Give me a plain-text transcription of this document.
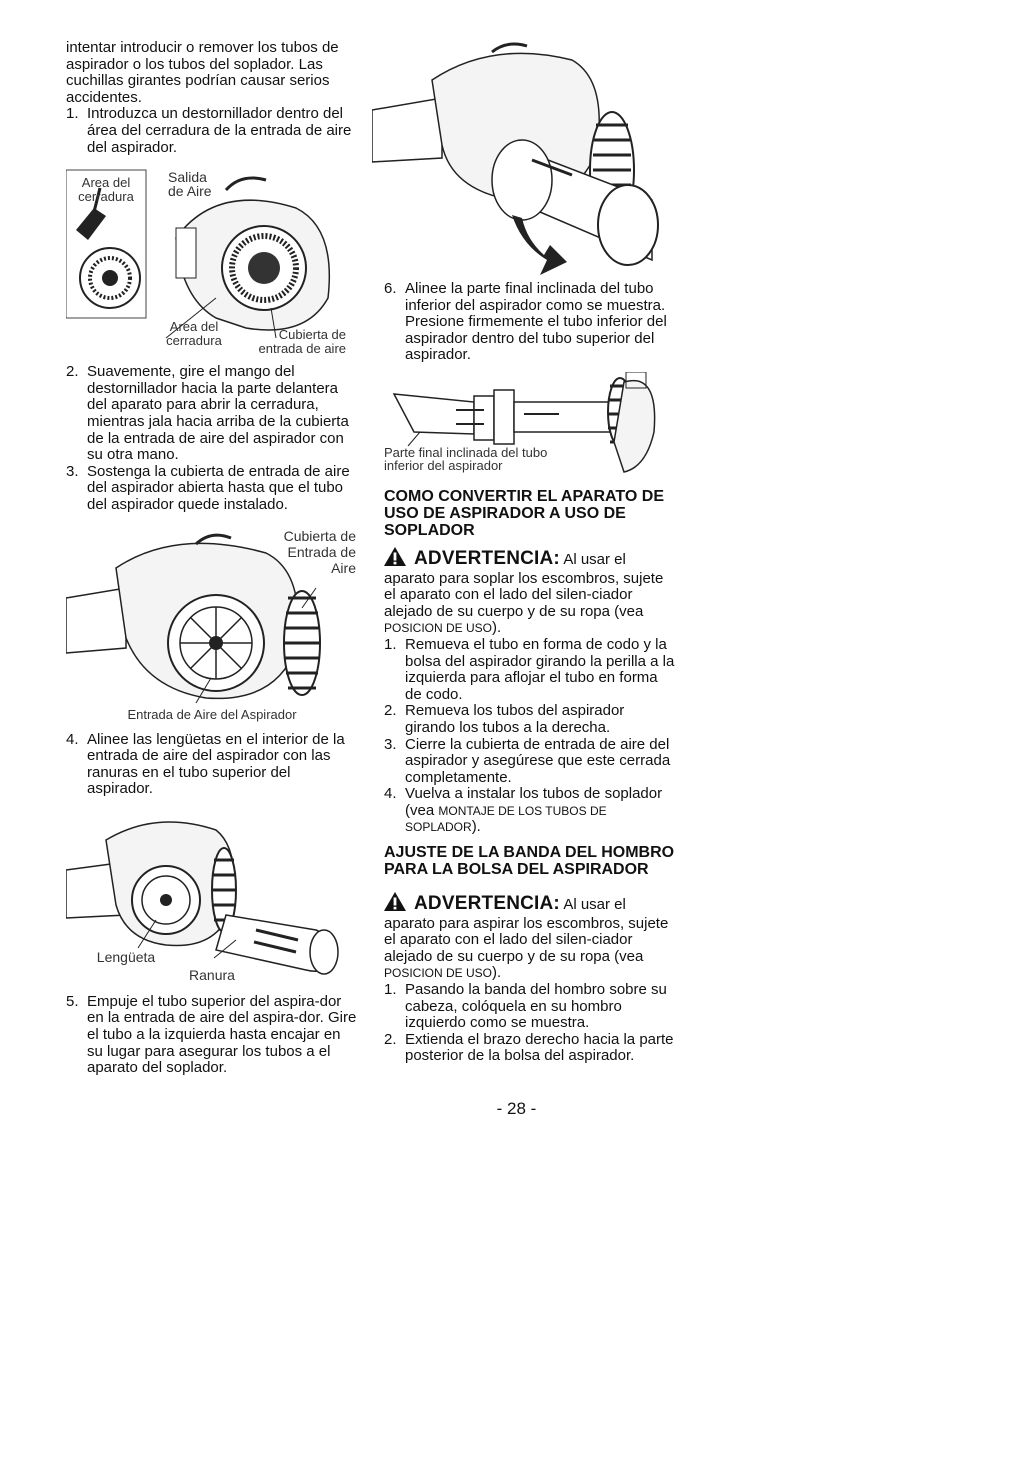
intentar introducir o remover los tubos de aspirador o los tubos del soplador. Las cuchillas girantes podrían causar serios accidentes.

1. Introduzca un destornillador dentro del área del cerradura de la entrada de aire del aspirador.
Area del cerradura
Salida de Aire
Area del cerradura	Cubierta de entrada de aire
2. Suavemente, gire el mango del destornillador hacia la parte delantera del aparato para abrir la cerradura, mientras jala hacia arriba de la cubierta de la entrada de aire del aspirador con su otra mano.
3. Sostenga la cubierta de entrada de aire del aspirador abierta hasta que el tubo del aspirador quede instalado.
Cubierta de Entrada de Aire
Entrada de Aire del Aspirador
4. Alinee las lengüetas en el interior de la entrada de aire del aspirador con las ranuras en el tubo superior del aspirador.
Lengüeta
Ranura
5. Empuje el tubo superior del aspira-dor en la entrada de aire del aspira-dor. Gire el tubo a la izquierda hasta encajar en su lugar para asegurar los tubos a el aparato del soplador.
6. Alinee la parte final inclinada del tubo inferior del aspirador como se muestra. Presione firmemente el tubo inferior del aspirador dentro del tubo superior del aspirador.
Parte final inclinada del tubo inferior del aspirador
COMO CONVERTIR EL APARATO DE USO DE ASPIRADOR A USO DE SOPLADOR
ADVERTENCIA: Al usar el

aparato para soplar los escombros, sujete el aparato con el lado del silen-ciador alejado de su cuerpo y de su ropa (vea POSICION DE USO).

1. Remueva el tubo en forma de codo y la bolsa del aspirador girando la perilla a la izquierda para aflojar el tubo en forma de codo.
2. Remueva los tubos del aspirador girando los tubos a la derecha.
3. Cierre la cubierta de entrada de aire del aspirador y asegúrese que este cerrada completamente.
4. Vuelva a instalar los tubos de soplador (vea MONTAJE DE LOS TUBOS DE SOPLADOR).
AJUSTE DE LA BANDA DEL HOMBRO PARA LA BOLSA DEL ASPIRADOR
ADVERTENCIA: Al usar el

aparato para aspirar los escombros, sujete el aparato con el lado del silen-ciador alejado de su cuerpo y de su ropa (vea POSICION DE USO).

1. Pasando la banda del hombro sobre su cabeza, colóquela en su hombro izquierdo como se muestra.
2. Extienda el brazo derecho hacia la parte posterior de la bolsa del aspirador.
- 28 -
